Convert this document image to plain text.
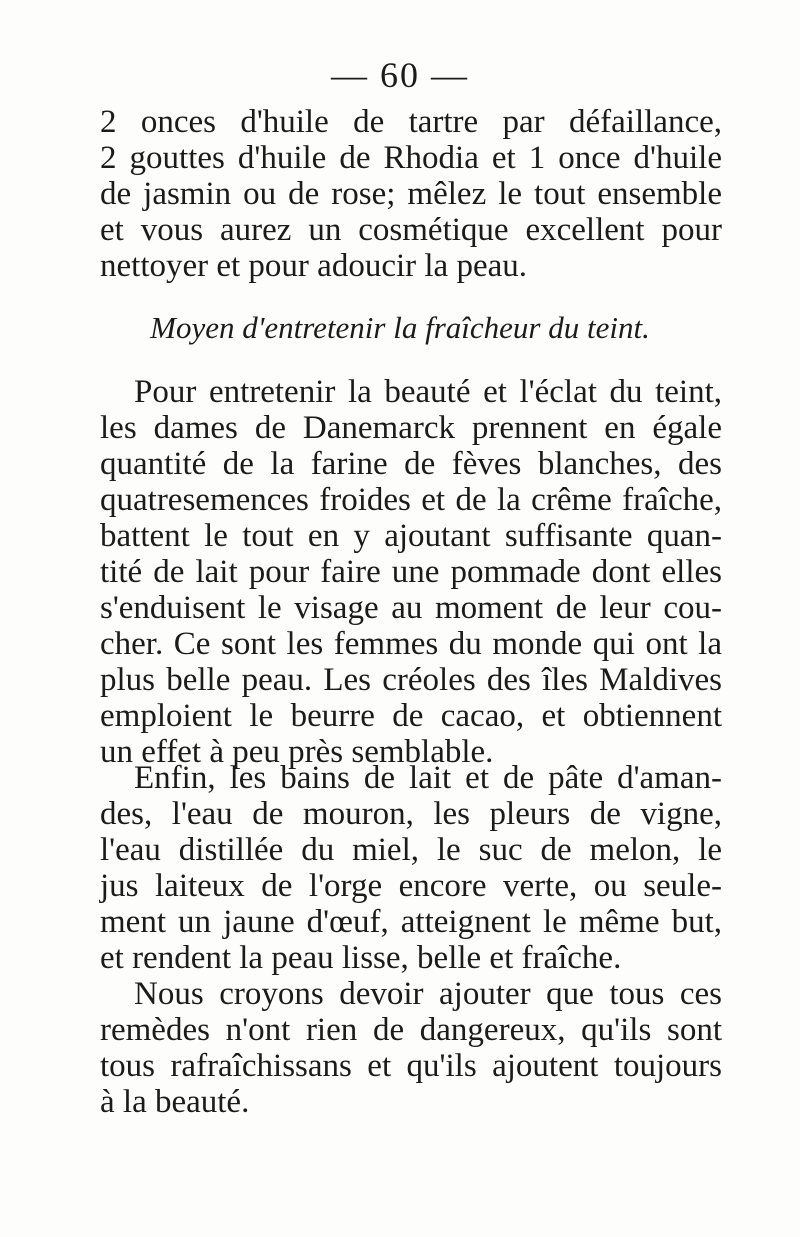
— 60 —
2 onces d'huile de tartre par défaillance,
2 gouttes d'huile de Rhodia et 1 once d'huile
de jasmin ou de rose; mêlez le tout ensemble
et vous aurez un cosmétique excellent pour
nettoyer et pour adoucir la peau.
Moyen d'entretenir la fraîcheur du teint.
Pour entretenir la beauté et l'éclat du teint,
les dames de Danemarck prennent en égale
quantité de la farine de fèves blanches, des
quatresemences froides et de la crême fraîche,
battent le tout en y ajoutant suffisante quan-
tité de lait pour faire une pommade dont elles
s'enduisent le visage au moment de leur cou-
cher. Ce sont les femmes du monde qui ont la
plus belle peau. Les créoles des îles Maldives
emploient le beurre de cacao, et obtiennent
un effet à peu près semblable.
Enfin, les bains de lait et de pâte d'aman-
des, l'eau de mouron, les pleurs de vigne,
l'eau distillée du miel, le suc de melon, le
jus laiteux de l'orge encore verte, ou seule-
ment un jaune d'œuf, atteignent le même but,
et rendent la peau lisse, belle et fraîche.
Nous croyons devoir ajouter que tous ces
remèdes n'ont rien de dangereux, qu'ils sont
tous rafraîchissans et qu'ils ajoutent toujours
à la beauté.
